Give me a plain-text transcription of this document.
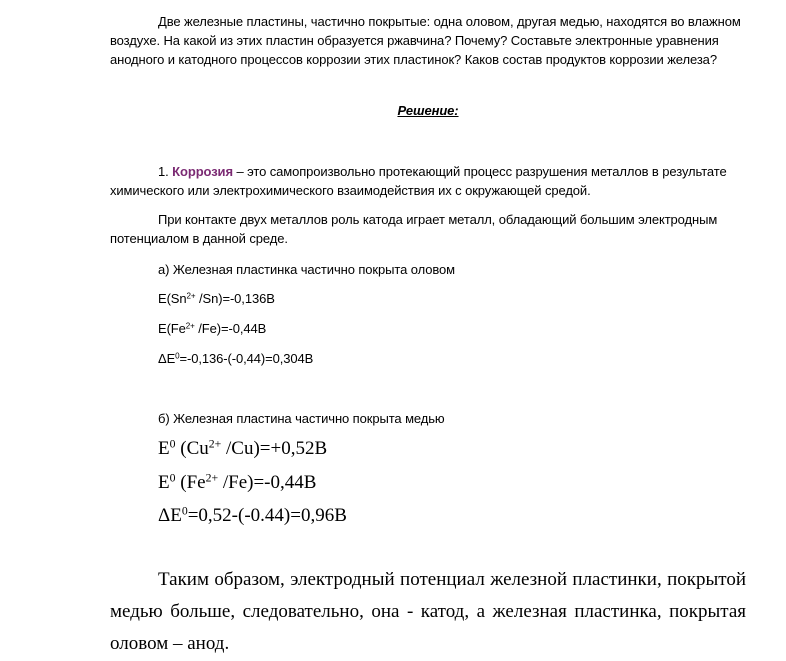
Две железные пластины, частично покрытые: одна оловом, другая медью, находятся во влажном воздухе. На какой из этих пластин образуется ржавчина? Почему? Составьте электронные уравнения анодного и катодного процессов коррозии этих пластинок? Каков состав продуктов коррозии железа?

Решение:

1. Коррозия – это самопроизвольно протекающий процесс разрушения металлов в результате химического или электрохимического взаимодействия их с окружающей средой.

При контакте двух металлов роль катода играет металл, обладающий большим электродным потенциалом в данной среде.

а) Железная пластинка частично покрыта оловом

$E(Sn^{2+}$ /Sn)=-0,136В

$E(Fe^{2+}$ /Fe)=-0,44В

$\Delta E^0=-0,136-(-0,44)=0,304В$

б) Железная пластина частично покрыта медью

$E^0$ ($Cu^{2+}$ /Cu)=+0,52В

$E^0$ ($Fe^{2+}$ /Fe)=-0,44В

$\Delta E^0=0,52-(-0.44)=0,96В$

Таким образом, электродный потенциал железной пластинки, покрытой медью больше, следовательно, она - катод, а железная пластинка, покрытая оловом – анод.
